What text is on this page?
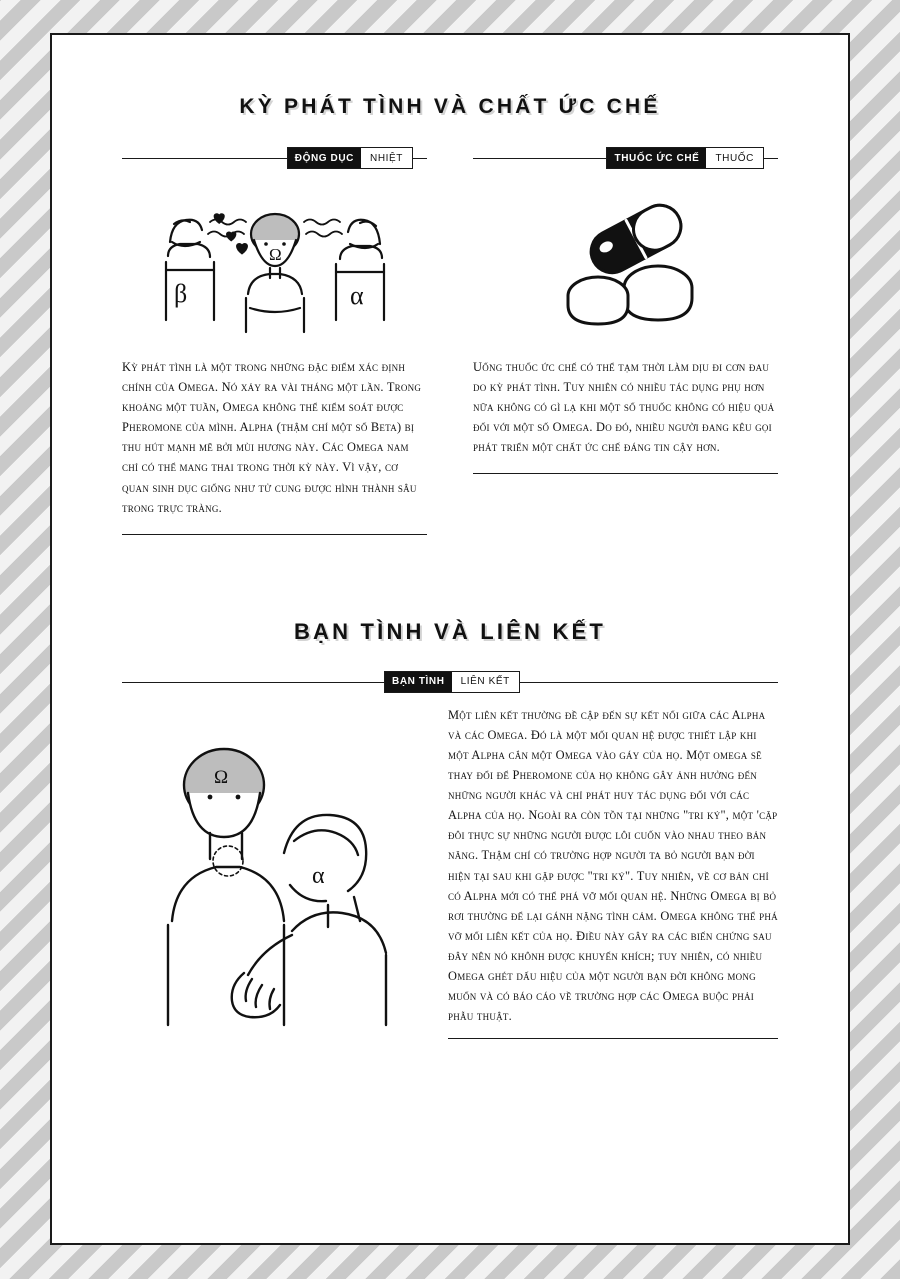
KỲ PHÁT TÌNH VÀ CHẤT ỨC CHẾ
ĐỘNG DỤC	NHIỆT
β
Ω
α
Kỳ phát tình là một trong những đặc điểm xác định chính của Omega. Nó xảy ra vài tháng một lần. Trong khoảng một tuần, Omega không thể kiểm soát được Pheromone của mình. Alpha (thậm chí một số Beta) bị thu hút mạnh mẽ bởi mùi hương này. Các Omega nam chỉ có thể mang thai trong thời kỳ này. Vì vậy, cơ quan sinh dục giống như tử cung được hình thành sâu trong trực tràng.
THUỐC ỨC CHẾ	THUỐC
Uống thuốc ức chế có thể tạm thời làm dịu đi cơn đau do kỳ phát tình. Tuy nhiên có nhiều tác dụng phụ hơn nữa không có gì lạ khi một số thuốc không có hiệu quả đối với một số Omega. Do đó, nhiều người đang kêu gọi phát triển một chất ức chế đáng tin cậy hơn.
BẠN TÌNH VÀ LIÊN KẾT
BẠN TÌNH	LIÊN KẾT
Ω
α
Một liên kết thường đề cập đến sự kết nối giữa các Alpha và các Omega. Đó là một mối quan hệ được thiết lập khi một Alpha cắn một Omega vào gáy của họ. Một omega sẽ thay đổi để Pheromone của họ không gây ảnh hưởng đến những người khác và chỉ phát huy tác dụng đối với các Alpha của họ. Ngoài ra còn tồn tại những "tri kỷ", một 'cặp đôi thực sự những người được lôi cuốn vào nhau theo bản năng. Thậm chí có trường hợp người ta bỏ người bạn đời hiện tại sau khi gặp được "tri kỷ". Tuy nhiên, về cơ bản chỉ có Alpha mới có thể phá vỡ mối quan hệ. Những Omega bị bỏ rơi thường để lại gánh nặng tình cảm. Omega không thể phá vỡ mối liên kết của họ. Điều này gây ra các biến chứng sau đây nên nó khônh được khuyến khích; tuy nhiên, có nhiều Omega ghét dấu hiệu của một người bạn đời không mong muốn và có báo cáo về trường hợp các Omega buộc phải phẫu thuật.
